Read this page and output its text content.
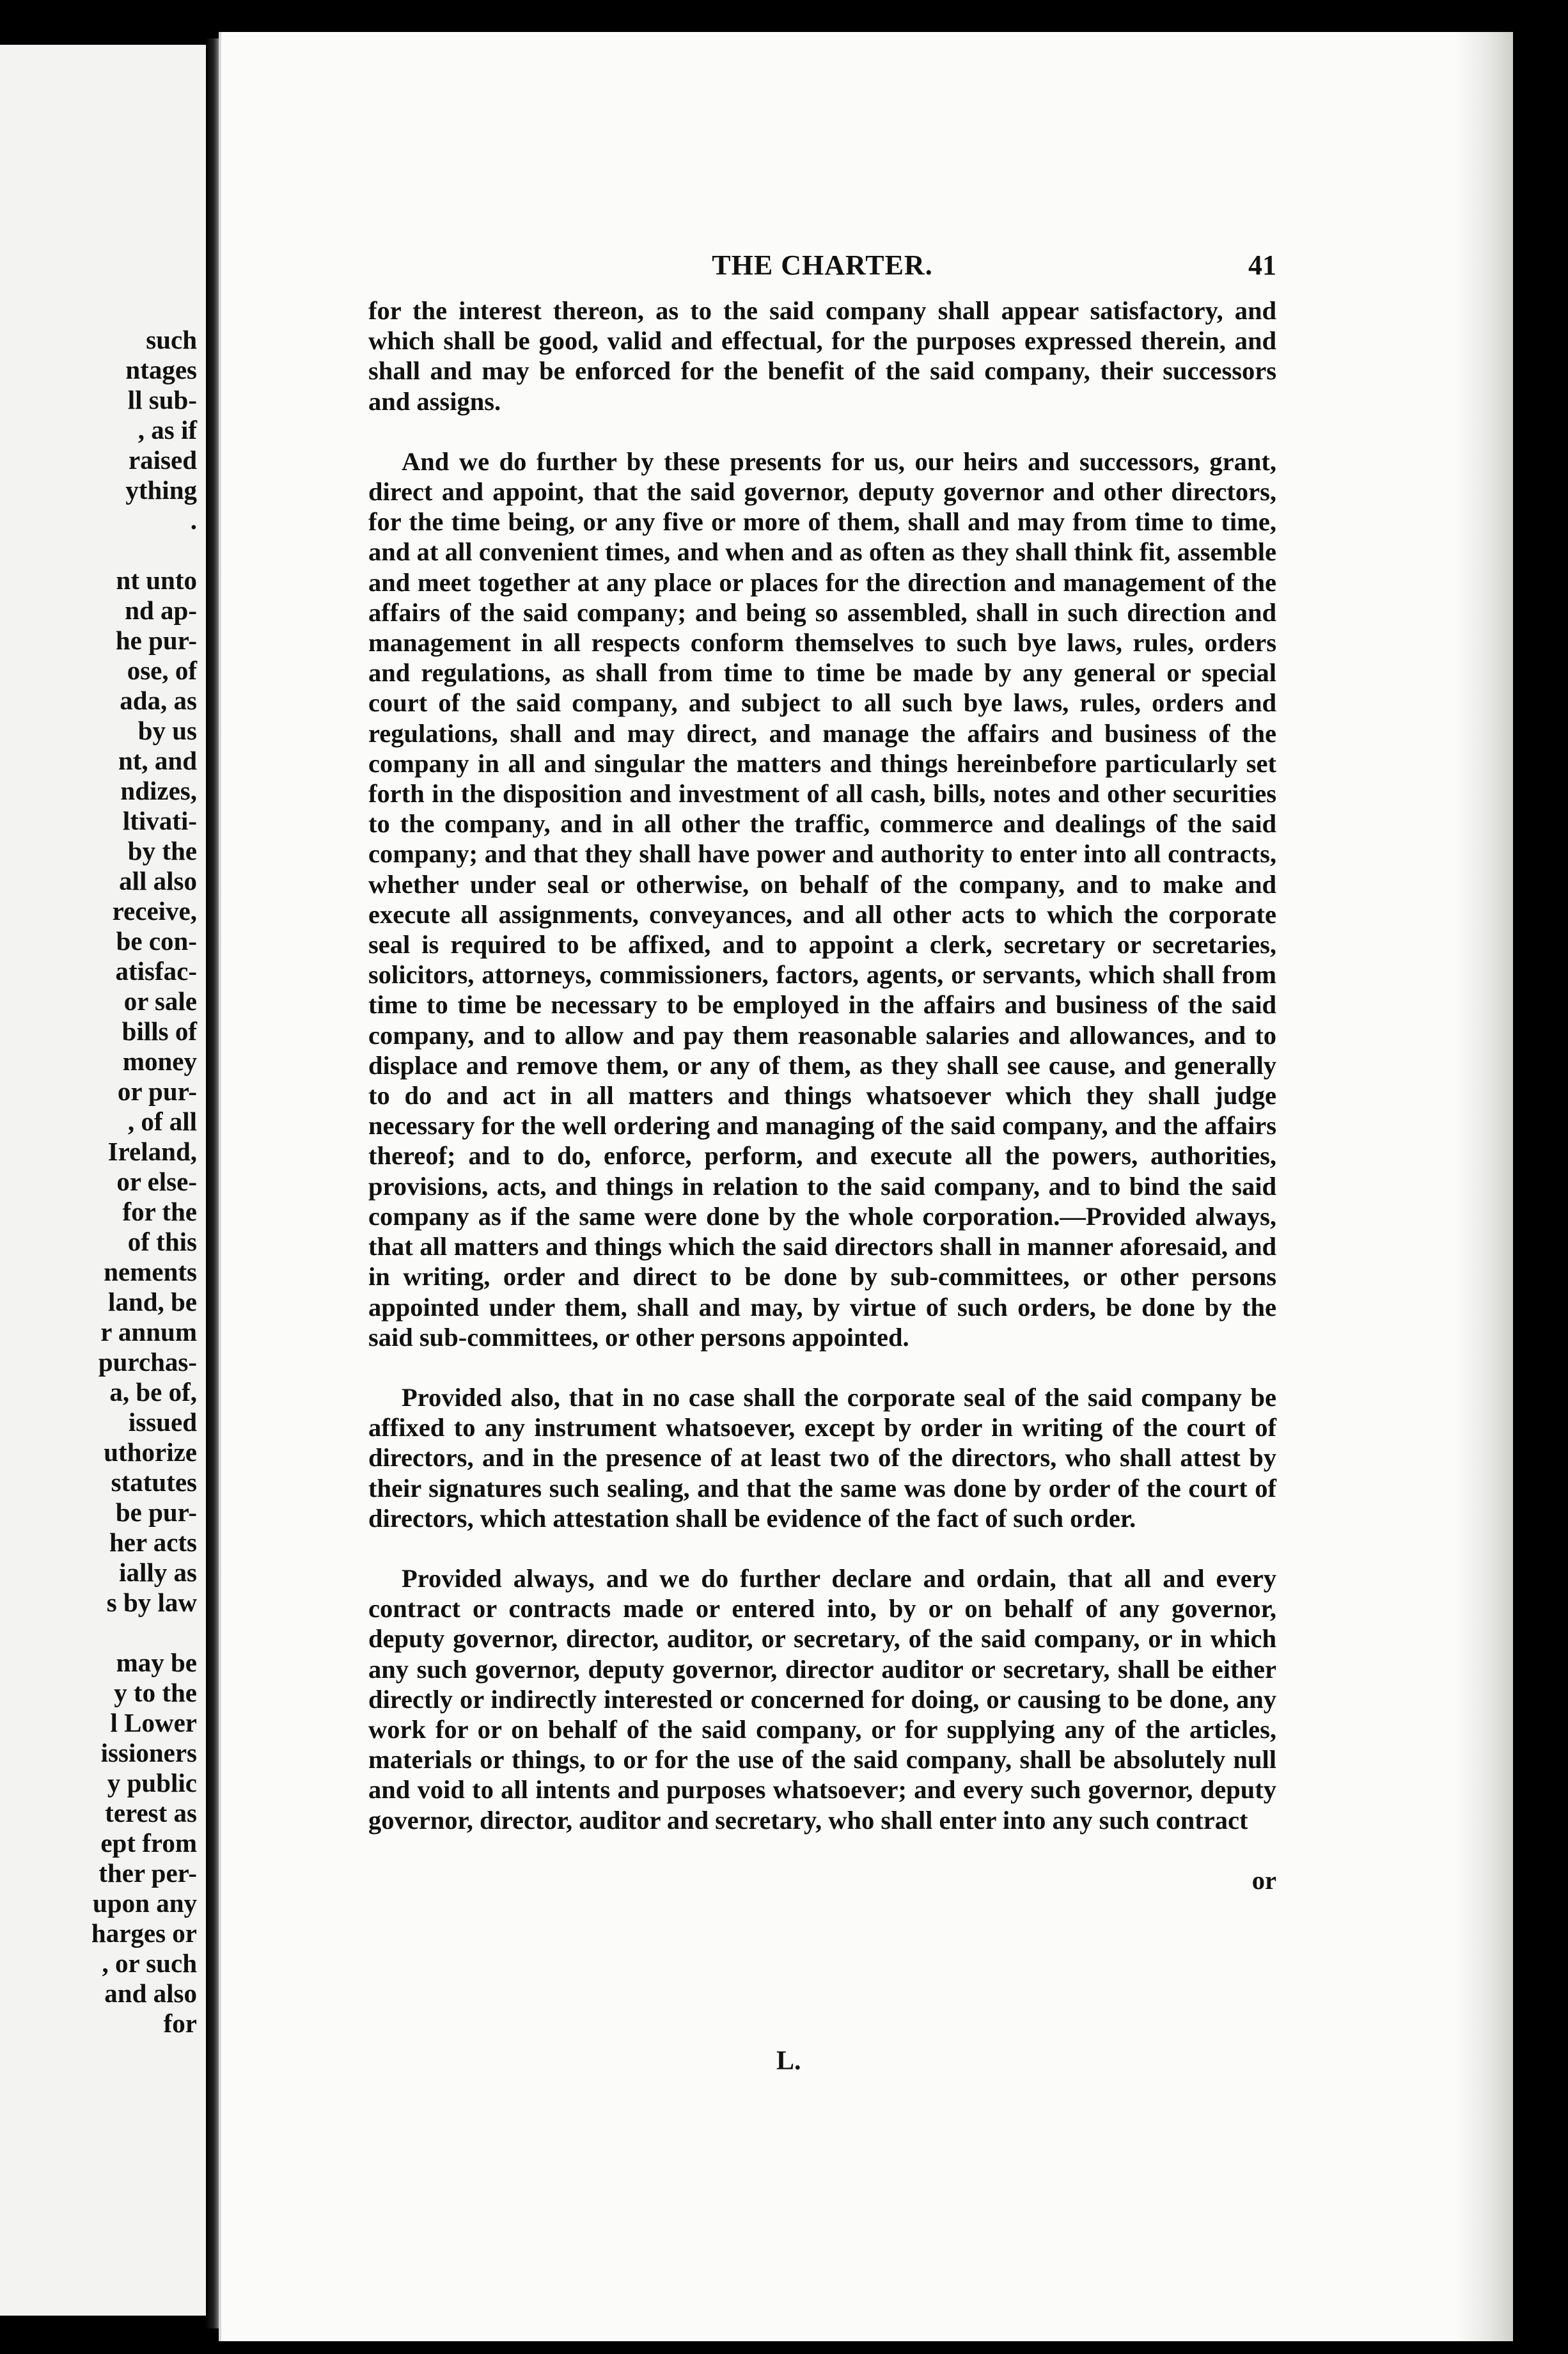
such
ntages
ll sub-
, as if
raised
ything
.

nt unto
nd ap-
he pur-
ose, of
ada, as
by us
nt, and
ndizes,
ltivati-
by the
all also
receive,
be con-
atisfac-
or sale
bills of
money
or pur-
, of all
Ireland,
or else-
for the
of this
nements
land, be
r annum
purchas-
a, be of,
issued
uthorize
statutes
be pur-
her acts
ially as
s by law

may be
y to the
l Lower
issioners
y public
terest as
ept from
ther per-
upon any
harges or
, or such
and also
for
THE CHARTER.	41

for the interest thereon, as to the said company shall appear satisfactory, and which shall be good, valid and effectual, for the purposes expressed therein, and shall and may be enforced for the benefit of the said company, their successors and assigns.

And we do further by these presents for us, our heirs and successors, grant, direct and appoint, that the said governor, deputy governor and other directors, for the time being, or any five or more of them, shall and may from time to time, and at all convenient times, and when and as often as they shall think fit, assemble and meet together at any place or places for the direction and management of the affairs of the said company; and being so assembled, shall in such direction and management in all respects conform themselves to such bye laws, rules, orders and regulations, as shall from time to time be made by any general or special court of the said company, and subject to all such bye laws, rules, orders and regulations, shall and may direct, and manage the affairs and business of the company in all and singular the matters and things hereinbefore particularly set forth in the disposition and investment of all cash, bills, notes and other securities to the company, and in all other the traffic, commerce and dealings of the said company; and that they shall have power and authority to enter into all contracts, whether under seal or otherwise, on behalf of the company, and to make and execute all assignments, conveyances, and all other acts to which the corporate seal is required to be affixed, and to appoint a clerk, secretary or secretaries, solicitors, attorneys, commissioners, factors, agents, or servants, which shall from time to time be necessary to be employed in the affairs and business of the said company, and to allow and pay them reasonable salaries and allowances, and to displace and remove them, or any of them, as they shall see cause, and generally to do and act in all matters and things whatsoever which they shall judge necessary for the well ordering and managing of the said company, and the affairs thereof; and to do, enforce, perform, and execute all the powers, authorities, provisions, acts, and things in relation to the said company, and to bind the said company as if the same were done by the whole corporation.—Provided always, that all matters and things which the said directors shall in manner aforesaid, and in writing, order and direct to be done by sub-committees, or other persons appointed under them, shall and may, by virtue of such orders, be done by the said sub-committees, or other persons appointed.

Provided also, that in no case shall the corporate seal of the said company be affixed to any instrument whatsoever, except by order in writing of the court of directors, and in the presence of at least two of the directors, who shall attest by their signatures such sealing, and that the same was done by order of the court of directors, which attestation shall be evidence of the fact of such order.

Provided always, and we do further declare and ordain, that all and every contract or contracts made or entered into, by or on behalf of any governor, deputy governor, director, auditor, or secretary, of the said company, or in which any such governor, deputy governor, director auditor or secretary, shall be either directly or indirectly interested or concerned for doing, or causing to be done, any work for or on behalf of the said company, or for supplying any of the articles, materials or things, to or for the use of the said company, shall be absolutely null and void to all intents and purposes whatsoever; and every such governor, deputy governor, director, auditor and secretary, who shall enter into any such contract

or

L.
